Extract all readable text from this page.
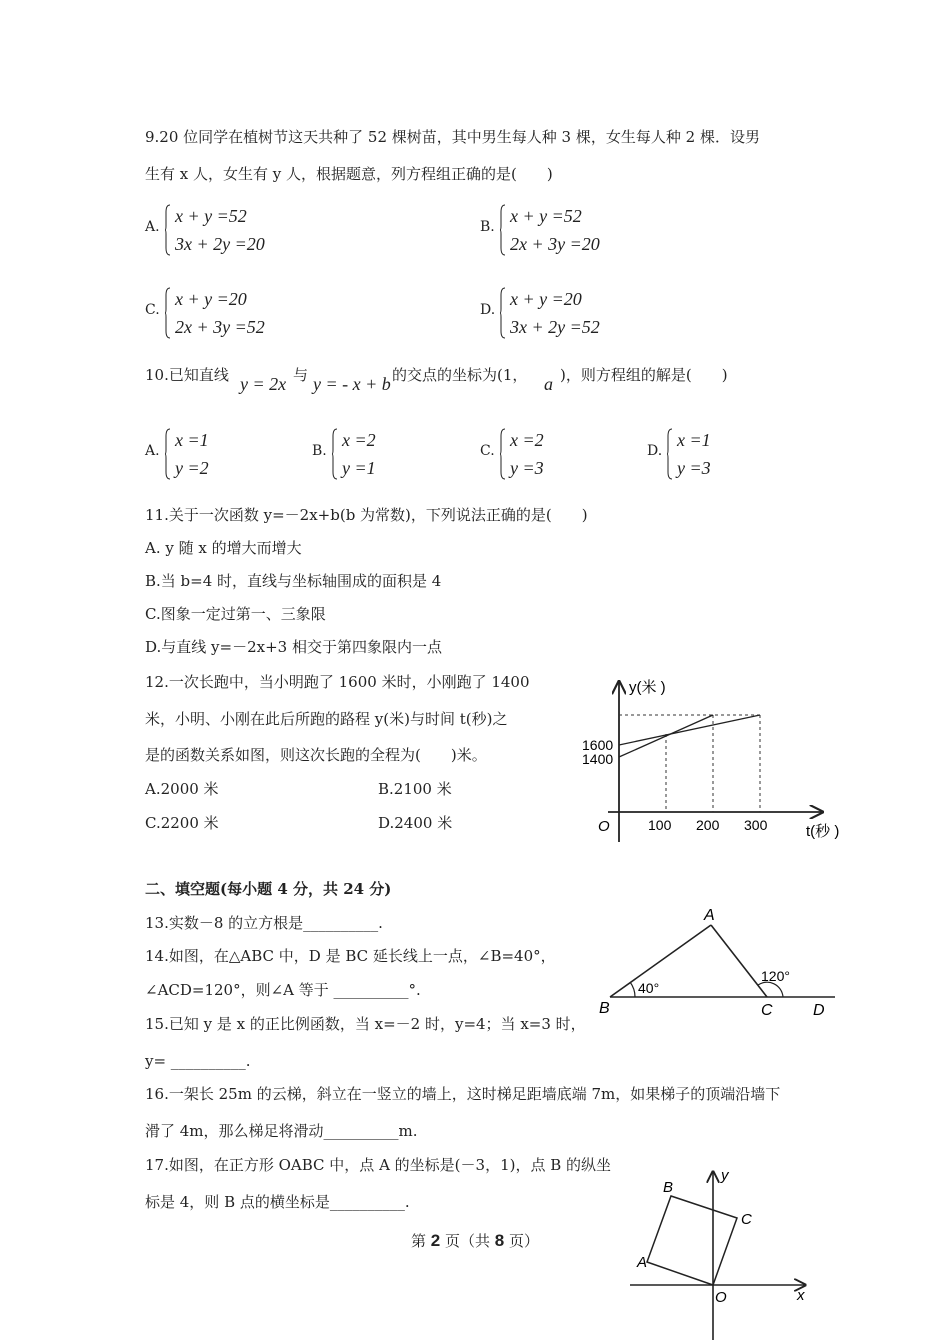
9.20 位同学在植树节这天共种了 52 棵树苗，其中男生每人种 3 棵，女生每人种 2 棵．设男
生有 x 人，女生有 y 人，根据题意，列方程组正确的是(　　)
A.
x + y =52
3x + 2y =20
B.
x + y =52
2x + 3y =20
C.
x + y =20
2x + 3y =52
D.
x + y =20
3x + 2y =52
10.已知直线 y = 2x 与 y = - x + b 的交点的坐标为(1， a )，则方程组的解是(　　)
A.
x =1
y =2
B.
x =2
y =1
C.
x =2
y =3
D.
x =1
y =3
11.关于一次函数 y=－2x+b(b 为常数)，下列说法正确的是(　　)
A. y 随 x 的增大而增大
B.当 b=4 时，直线与坐标轴围成的面积是 4
C.图象一定过第一、三象限
D.与直线 y=－2x+3 相交于第四象限内一点
12.一次长跑中，当小明跑了 1600 米时，小刚跑了 1400
米，小明、小刚在此后所跑的路程 y(米)与时间 t(秒)之
是的函数关系如图，则这次长跑的全程为(　　)米。
A.2000 米	B.2100 米
C.2200 米	D.2400 米
y(米 )
t(秒 )
O	100 200 300
1600
1400
二、填空题(每小题 4 分，共 24 分)
13.实数－8 的立方根是__________.
14.如图，在△ABC 中，D 是 BC 延长线上一点，∠B=40°，
∠ACD=120°，则∠A 等于 __________°.
A
B	C	D
40°
120°
15.已知 y 是 x 的正比例函数，当 x=－2 时，y=4；当 x=3 时，
y= __________.
16.一架长 25m 的云梯，斜立在一竖立的墙上，这时梯足距墙底端 7m，如果梯子的顶端沿墙下
滑了 4m，那么梯足将滑动__________m.
17.如图，在正方形 OABC 中，点 A 的坐标是(－3，1)，点 B 的纵坐
标是 4，则 B 点的横坐标是__________.
y
x
A
B
C
O
第 2 页（共 8 页）
